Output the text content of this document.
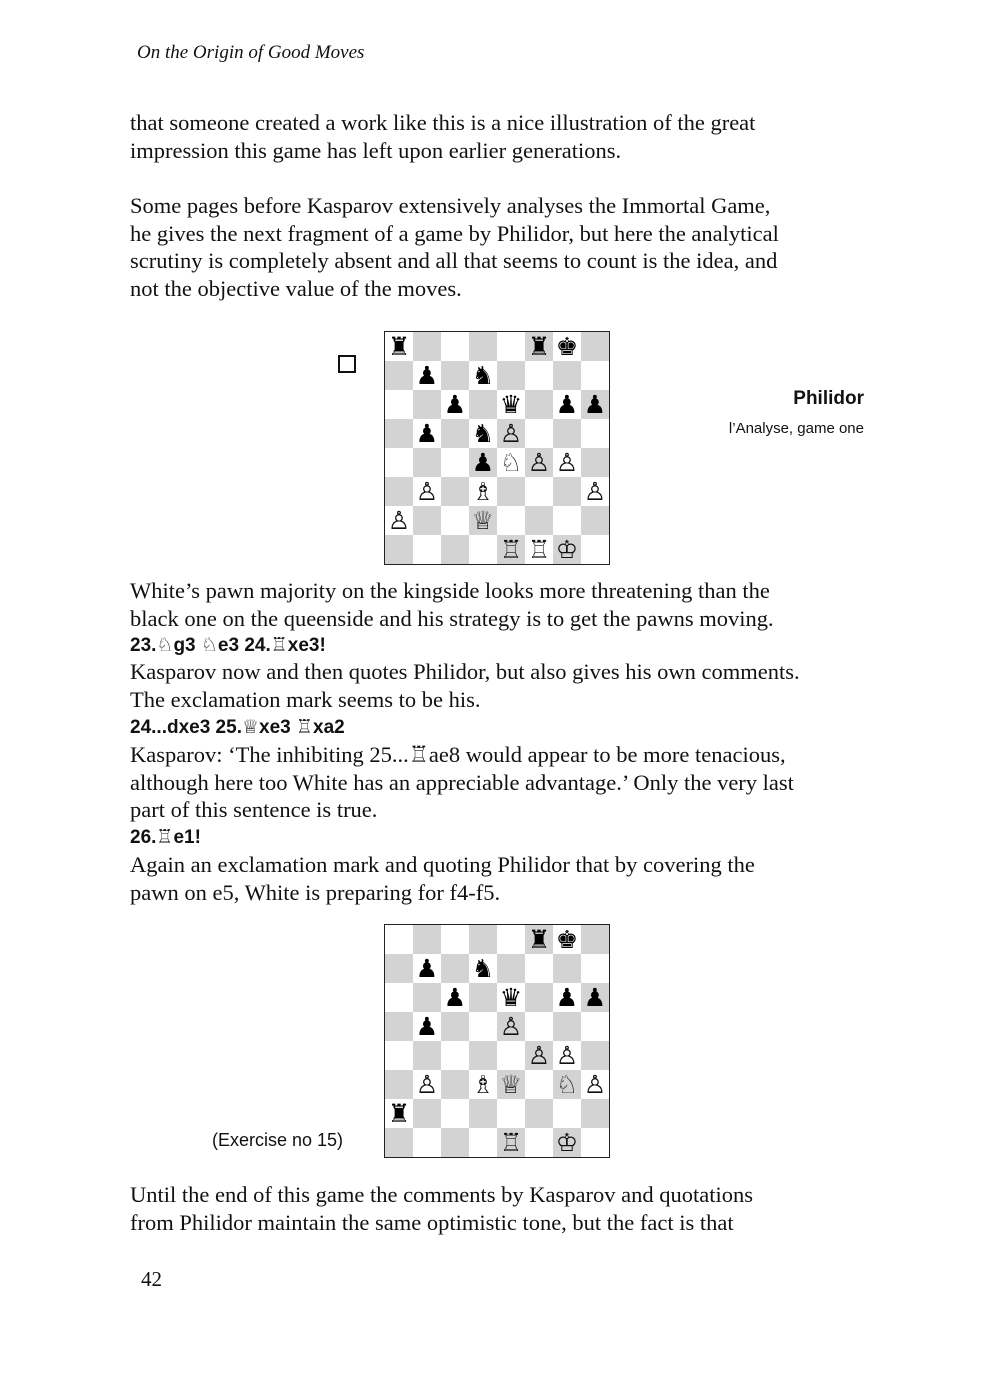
On the Origin of Good Moves
that someone created a work like this is a nice illustration of the great
impression this game has left upon earlier generations.
Some pages before Kasparov extensively analyses the Immortal Game,
he gives the next fragment of a game by Philidor, but here the analytical
scrutiny is completely absent and all that seems to count is the idea, and
not the objective value of the moves.
♜	♜ ♚
♟ ♞
♟ ♛ ♟ ♟
♟ ♞ ♙
♟ ♘ ♙ ♙
♙ ♗	♙
♙ ♕
♖ ♖ ♔
Philidor
l’Analyse, game one
White’s pawn majority on the kingside looks more threatening than the
black one on the queenside and his strategy is to get the pawns moving.
23.♘g3 ♘e3 24.♖xe3!
Kasparov now and then quotes Philidor, but also gives his own comments.
The exclamation mark seems to be his.
24...dxe3 25.♕xe3 ♖xa2
Kasparov: ‘The inhibiting 25...♖ae8 would appear to be more tenacious,
although here too White has an appreciable advantage.’ Only the very last
part of this sentence is true.
26.♖e1!
Again an exclamation mark and quoting Philidor that by covering the
pawn on e5, White is preparing for f4-f5.
♜ ♚
♟ ♞
♟ ♛ ♟ ♟
♟ ♙
♙ ♙
♙ ♗ ♕ ♘ ♙
♜
♖ ♔
(Exercise no 15)
Until the end of this game the comments by Kasparov and quotations
from Philidor maintain the same optimistic tone, but the fact is that
42
